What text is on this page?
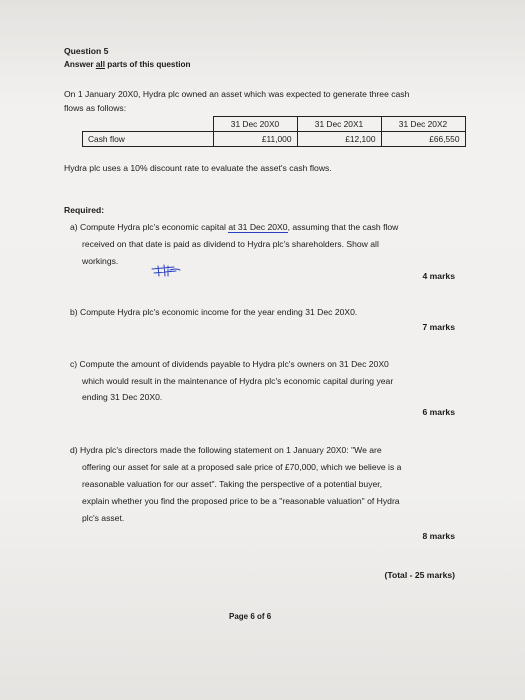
Question 5
Answer all parts of this question
On 1 January 20X0, Hydra plc owned an asset which was expected to generate three cash
flows as follows:
	31 Dec 20X0	31 Dec 20X1	31 Dec 20X2
Cash flow	£11,000	£12,100	£66,550
Hydra plc uses a 10% discount rate to evaluate the asset's cash flows.
Required:
a) Compute Hydra plc's economic capital at 31 Dec 20X0, assuming that the cash flow
received on that date is paid as dividend to Hydra plc's shareholders. Show all
workings.
4 marks
b) Compute Hydra plc's economic income for the year ending 31 Dec 20X0.
7 marks
c) Compute the amount of dividends payable to Hydra plc's owners on 31 Dec 20X0
which would result in the maintenance of Hydra plc's economic capital during year
ending 31 Dec 20X0.
6 marks
d) Hydra plc's directors made the following statement on 1 January 20X0: "We are
offering our asset for sale at a proposed sale price of £70,000, which we believe is a
reasonable valuation for our asset". Taking the perspective of a potential buyer,
explain whether you find the proposed price to be a "reasonable valuation" of Hydra
plc's asset.
8 marks
(Total - 25 marks)
Page 6 of 6
